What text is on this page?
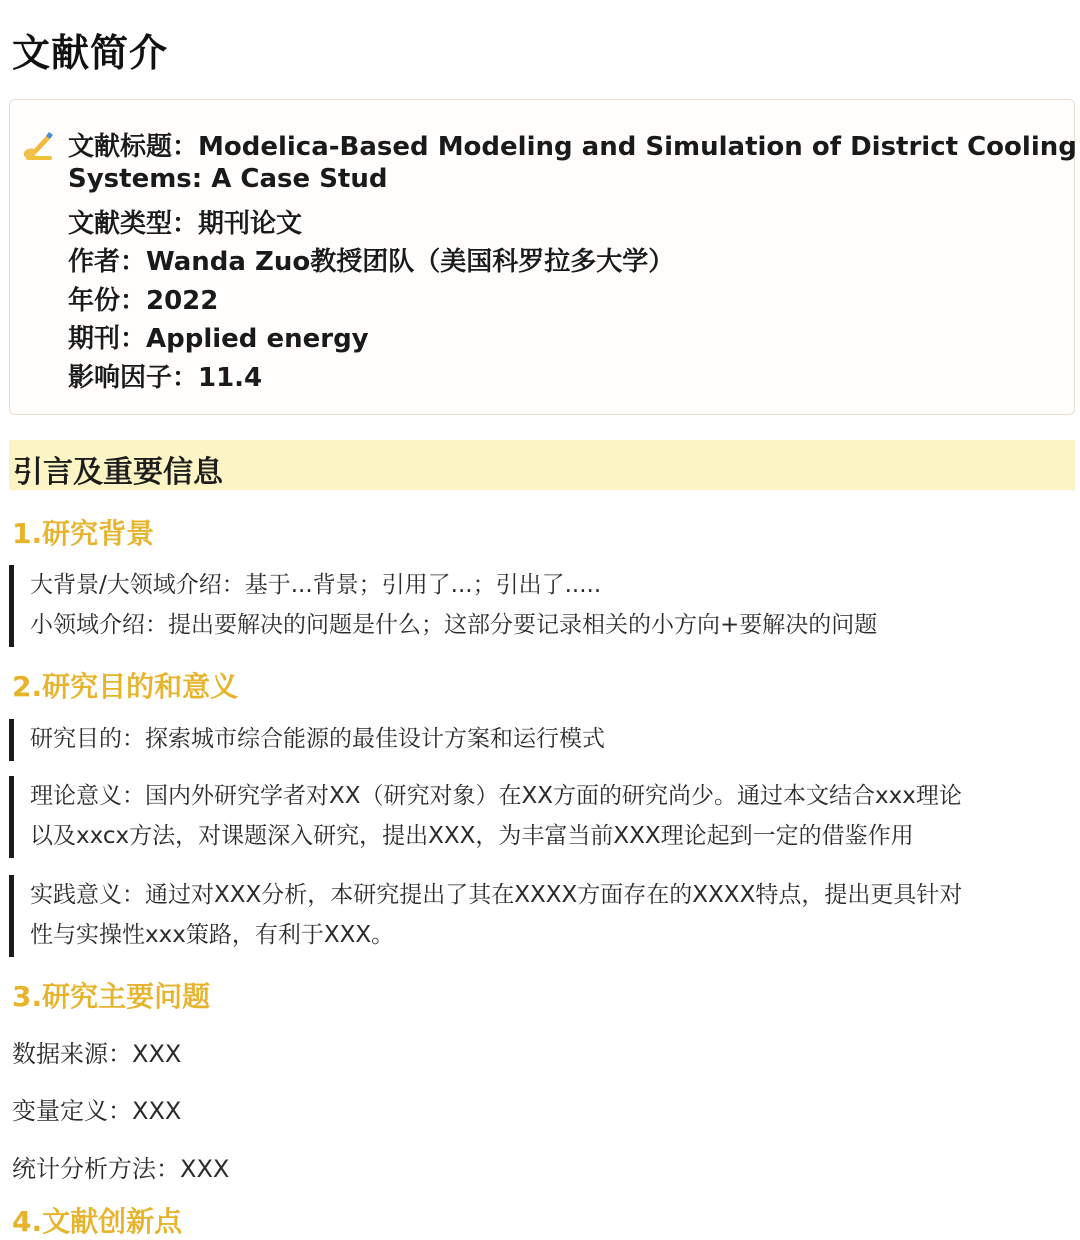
文献简介
文献标题：Modelica-Based Modeling and Simulation of District Cooling
Systems: A Case Stud
文献类型：期刊论文
作者：Wanda Zuo教授团队（美国科罗拉多大学）
年份：2022
期刊：Applied energy
影响因子：11.4
引言及重要信息
1.研究背景
大背景/大领域介绍：基于...背景；引用了...；引出了.....
小领域介绍：提出要解决的问题是什么；这部分要记录相关的小方向+要解决的问题
2.研究目的和意义
研究目的：探索城市综合能源的最佳设计方案和运行模式
理论意义：国内外研究学者对XX（研究对象）在XX方面的研究尚少。通过本文结合xxx理论
以及xxcx方法，对课题深入研究，提出XXX，为丰富当前XXX理论起到一定的借鉴作用
实践意义：通过对XXX分析，本研究提出了其在XXXX方面存在的XXXX特点，提出更具针对
性与实操性xxx策路，有利于XXX。
3.研究主要问题
数据来源：XXX
变量定义：XXX
统计分析方法：XXX
4.文献创新点
